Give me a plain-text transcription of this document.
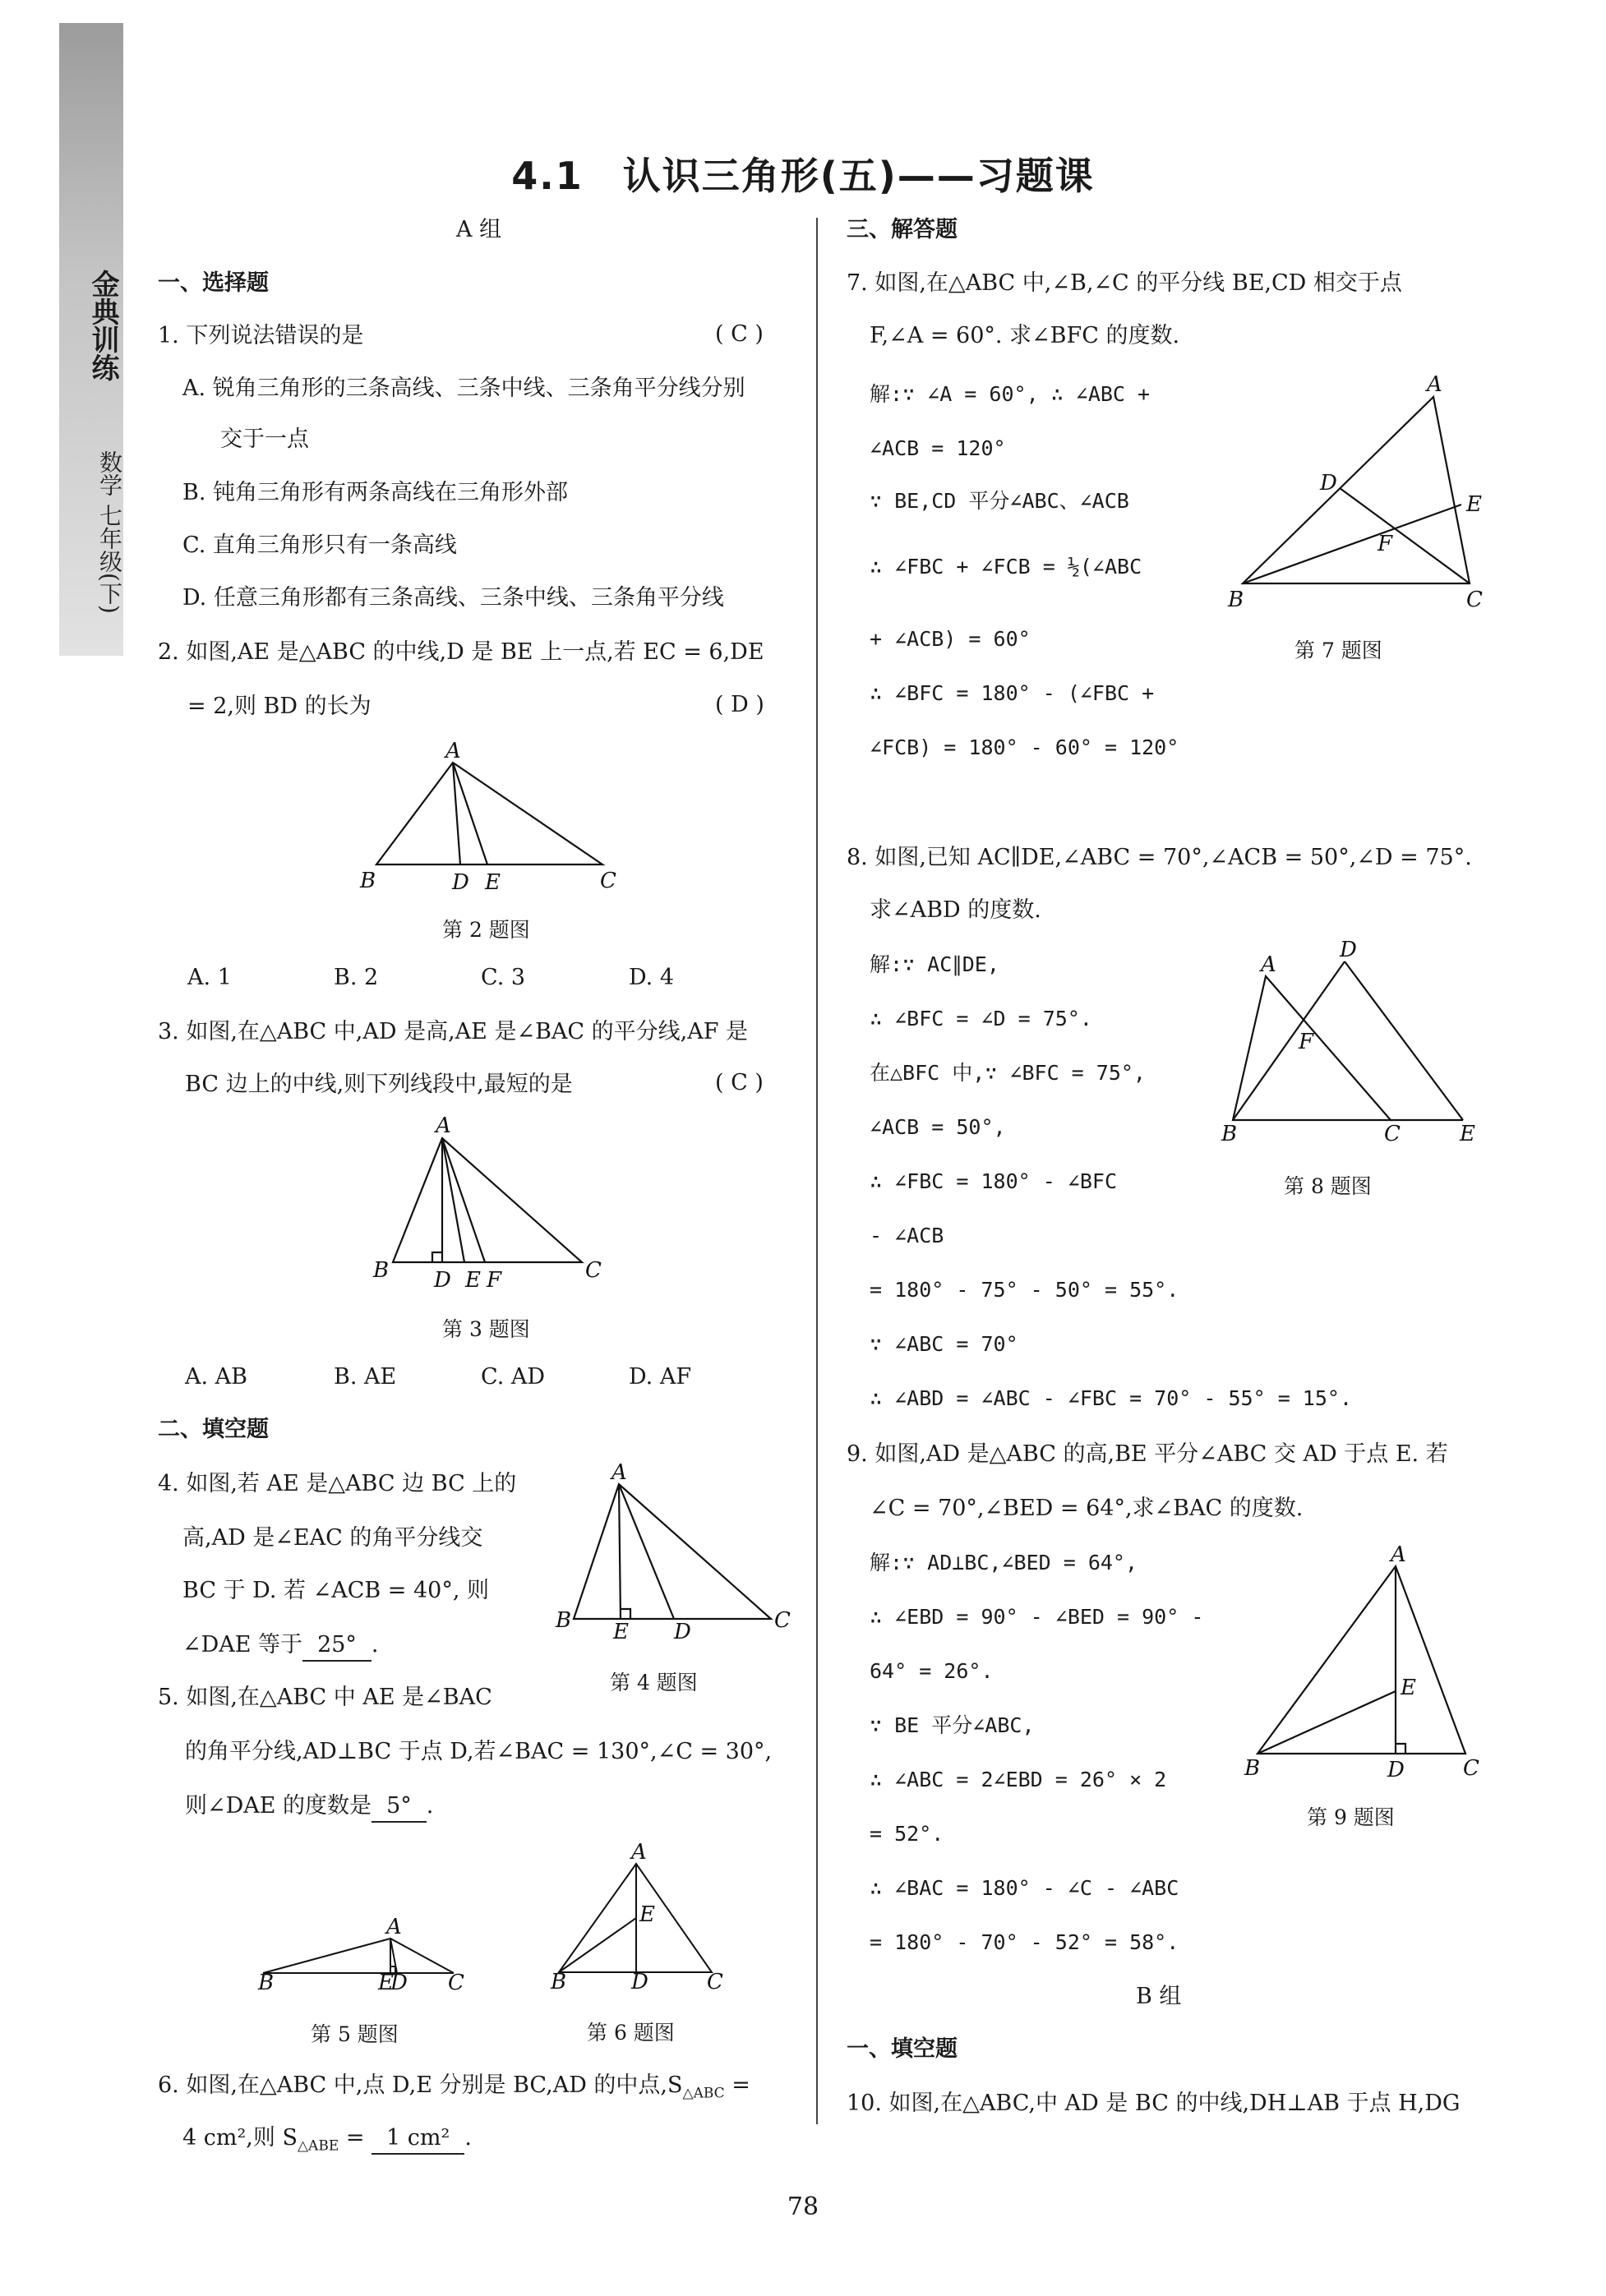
金典训练
数学 七年级(下)
4.1　认识三角形(五)——习题课
A 组
一、选择题
1. 下列说法错误的是	( C )
A. 锐角三角形的三条高线、三条中线、三条角平分线分别
交于一点
B. 钝角三角形有两条高线在三角形外部
C. 直角三角形只有一条高线
D. 任意三角形都有三条高线、三条中线、三条角平分线
2. 如图,AE 是△ABC 的中线,D 是 BE 上一点,若 EC = 6,DE
= 2,则 BD 的长为	( D )
A
B	D E	C
第 2 题图
A. 1	B. 2	C. 3	D. 4
3. 如图,在△ABC 中,AD 是高,AE 是∠BAC 的平分线,AF 是
BC 边上的中线,则下列线段中,最短的是	( C )
A
B D E F	C
第 3 题图
A. AB	B. AE	C. AD	D. AF
二、填空题
4. 如图,若 AE 是△ABC 边 BC 上的
高,AD 是∠EAC 的角平分线交
BC 于 D. 若 ∠ACB = 40°, 则
∠DAE 等于 25° .
A
B E D	C
第 4 题图
5. 如图,在△ABC 中 AE 是∠BAC
的角平分线,AD⊥BC 于点 D,若∠BAC = 130°,∠C = 30°,
则∠DAE 的度数是 5° .
A
B	E
D C
第 5 题图
A
E
B	D	C
第 6 题图
6. 如图,在△ABC 中,点 D,E 分别是 BC,AD 的中点$,S_{\triangle ABC}$ =
4 cm²,则 $S_{\triangle ABE} = 1$ cm² .
三、解答题
7. 如图,在△ABC 中,∠B,∠C 的平分线 BE,CD 相交于点
F,∠A = 60°. 求∠BFC 的度数.
解:∵ ∠A = 60°, ∴ ∠ABC +
∠ACB = 120°
∵ BE,CD 平分∠ABC、∠ACB
∴ ∠FBC + ∠FCB = ½(∠ABC
+ ∠ACB) = 60°
∴ ∠BFC = 180° - (∠FBC +
∠FCB) = 180° - 60° = 120°
A
D
E
F
B	C
第 7 题图
8. 如图,已知 AC∥DE,∠ABC = 70°,∠ACB = 50°,∠D = 75°.
求∠ABD 的度数.
解:∵ AC∥DE,
∴ ∠BFC = ∠D = 75°.
在△BFC 中,∵ ∠BFC = 75°,
∠ACB = 50°,
∴ ∠FBC = 180° - ∠BFC
- ∠ACB
= 180° - 75° - 50° = 55°.
∵ ∠ABC = 70°
∴ ∠ABD = ∠ABC - ∠FBC = 70° - 55° = 15°.
A
D
F
B	C	E
第 8 题图
9. 如图,AD 是△ABC 的高,BE 平分∠ABC 交 AD 于点 E. 若
∠C = 70°,∠BED = 64°,求∠BAC 的度数.
解:∵ AD⊥BC,∠BED = 64°,
∴ ∠EBD = 90° - ∠BED = 90° -
64° = 26°.
∵ BE 平分∠ABC,
∴ ∠ABC = 2∠EBD = 26° × 2
= 52°.
∴ ∠BAC = 180° - ∠C - ∠ABC
= 180° - 70° - 52° = 58°.
A
E
B	D	C
第 9 题图
B 组
一、填空题
10. 如图,在△ABC,中 AD 是 BC 的中线,DH⊥AB 于点 H,DG
78
